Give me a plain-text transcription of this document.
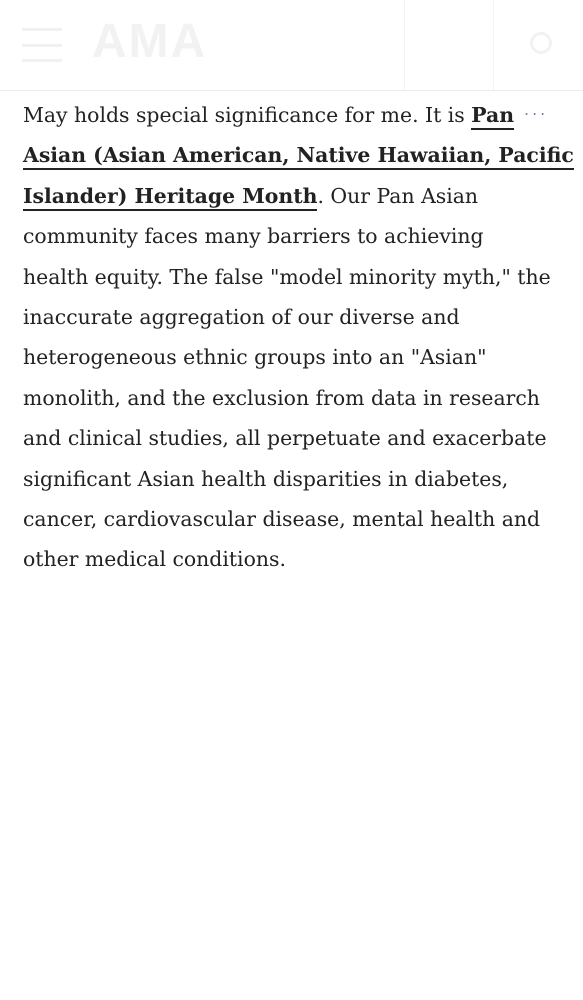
AMA
...
May holds special significance for me. It is Pan
Asian (Asian American, Native Hawaiian, Pacific
Islander) Heritage Month. Our Pan Asian
community faces many barriers to achieving
health equity. The false "model minority myth," the
inaccurate aggregation of our diverse and
heterogeneous ethnic groups into an "Asian"
monolith, and the exclusion from data in research
and clinical studies, all perpetuate and exacerbate
significant Asian health disparities in diabetes,
cancer, cardiovascular disease, mental health and
other medical conditions.
